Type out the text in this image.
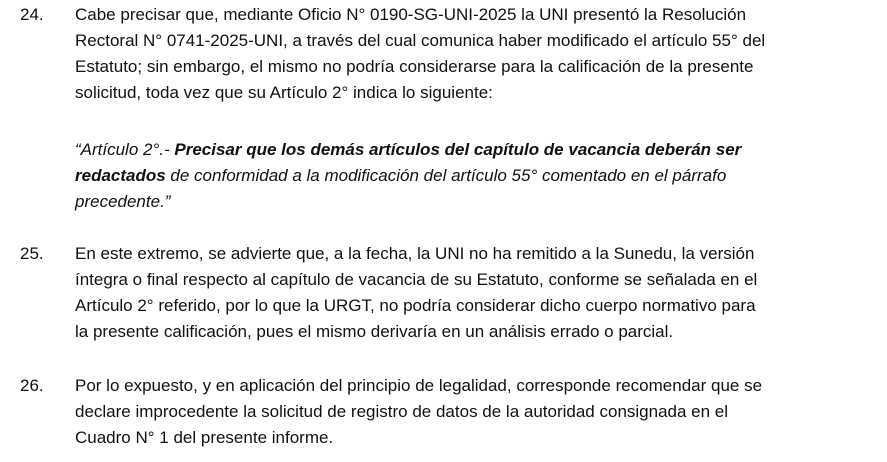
24. Cabe precisar que, mediante Oficio N° 0190-SG-UNI-2025 la UNI presentó la Resolución
Rectoral N° 0741-2025-UNI, a través del cual comunica haber modificado el artículo 55° del
Estatuto; sin embargo, el mismo no podría considerarse para la calificación de la presente
solicitud, toda vez que su Artículo 2° indica lo siguiente:
“Artículo 2°.- Precisar que los demás artículos del capítulo de vacancia deberán ser
redactados de conformidad a la modificación del artículo 55° comentado en el párrafo
precedente.”
25. En este extremo, se advierte que, a la fecha, la UNI no ha remitido a la Sunedu, la versión
íntegra o final respecto al capítulo de vacancia de su Estatuto, conforme se señalada en el
Artículo 2° referido, por lo que la URGT, no podría considerar dicho cuerpo normativo para
la presente calificación, pues el mismo derivaría en un análisis errado o parcial.
26. Por lo expuesto, y en aplicación del principio de legalidad, corresponde recomendar que se
declare improcedente la solicitud de registro de datos de la autoridad consignada en el
Cuadro N° 1 del presente informe.
